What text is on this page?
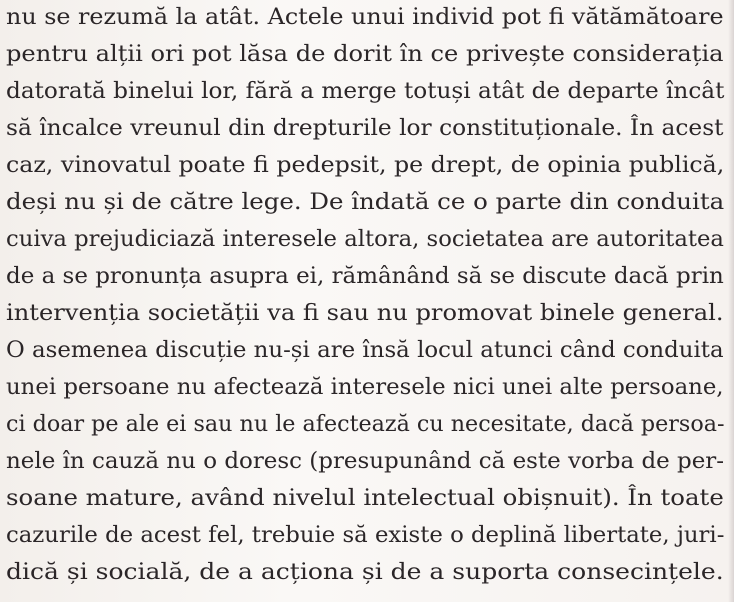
nu se rezumă la atât. Actele unui individ pot fi vătămătoare
pentru alții ori pot lăsa de dorit în ce privește considerația
datorată binelui lor, fără a merge totuși atât de departe încât
să încalce vreunul din drepturile lor constituționale. În acest
caz, vinovatul poate fi pedepsit, pe drept, de opinia publică,
deși nu și de către lege. De îndată ce o parte din conduita
cuiva prejudiciază interesele altora, societatea are autoritatea
de a se pronunța asupra ei, rămânând să se discute dacă prin
intervenția societății va fi sau nu promovat binele general.
O asemenea discuție nu-și are însă locul atunci când conduita
unei persoane nu afectează interesele nici unei alte persoane,
ci doar pe ale ei sau nu le afectează cu necesitate, dacă persoa-
nele în cauză nu o doresc (presupunând că este vorba de per-
soane mature, având nivelul intelectual obișnuit). În toate
cazurile de acest fel, trebuie să existe o deplină libertate, juri-
dică și socială, de a acționa și de a suporta consecințele.
